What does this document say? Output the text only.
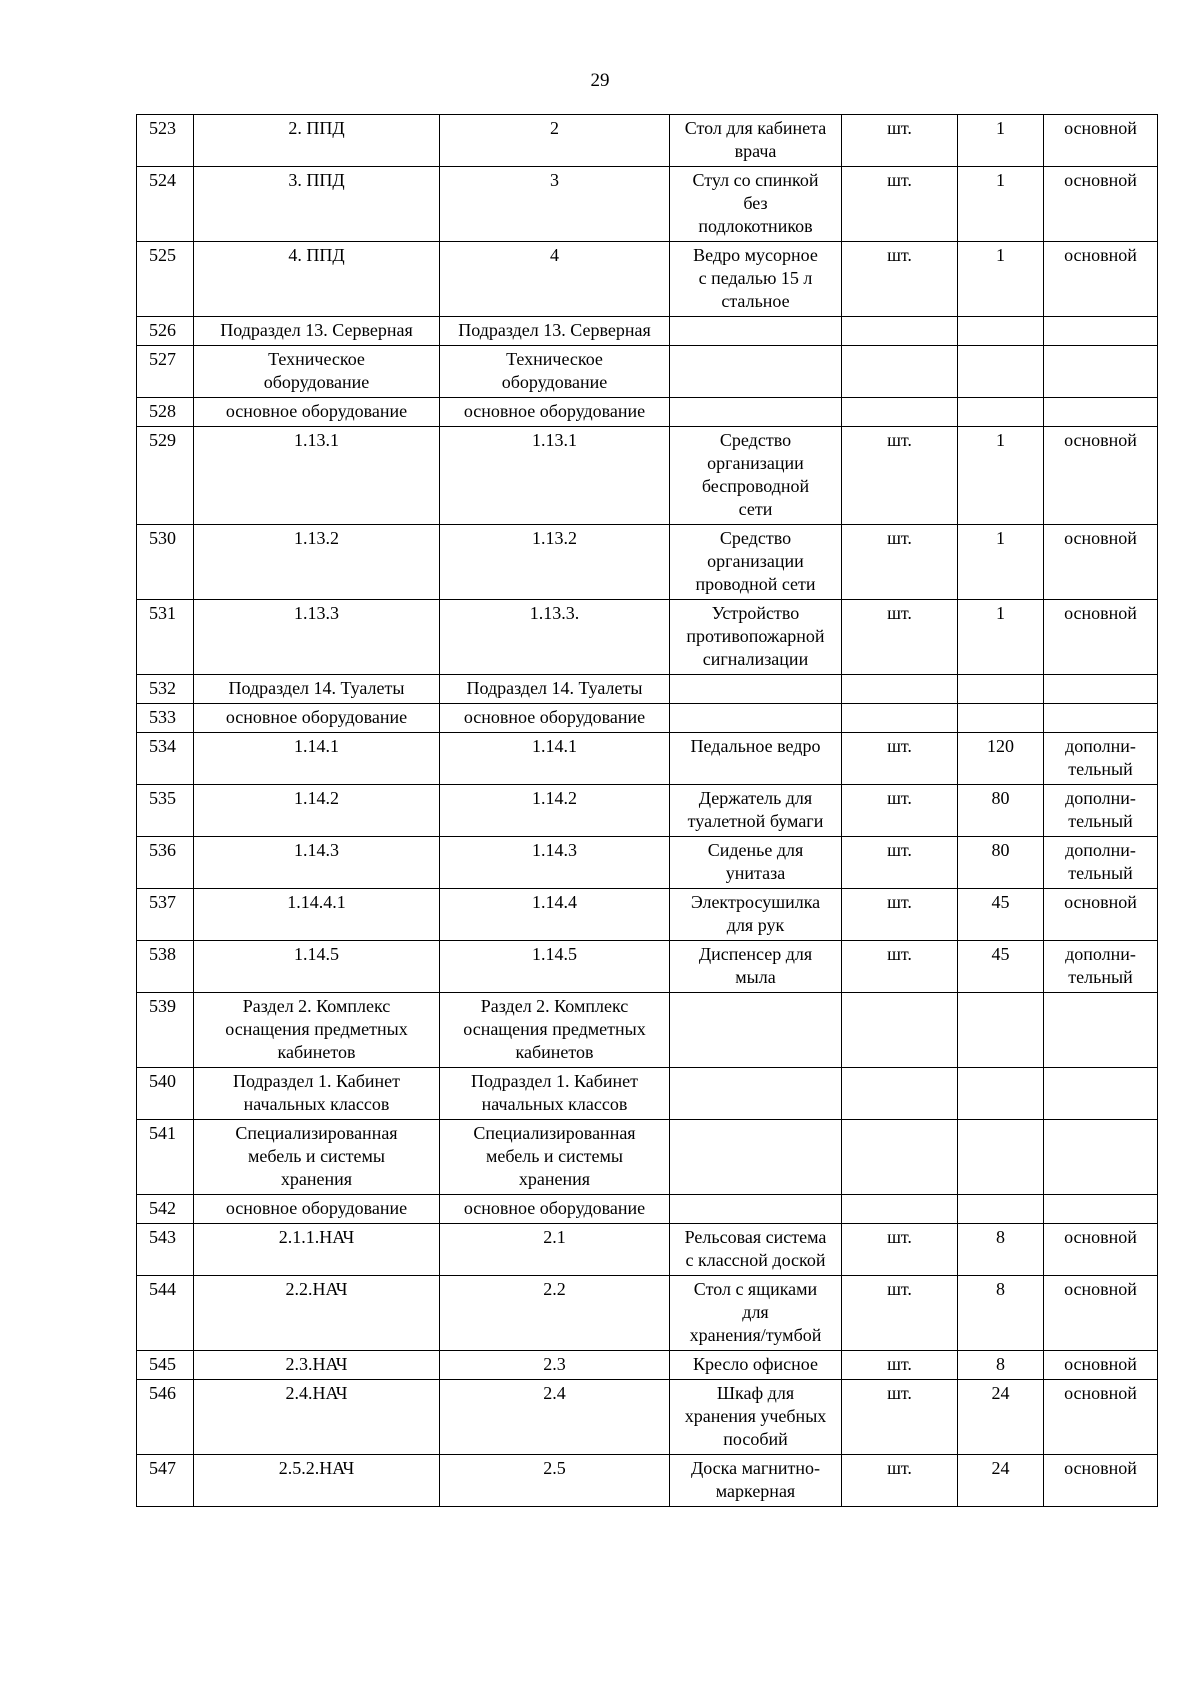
29
523	2. ППД	2	Стол для кабинета
врача	шт.	1	основной
524	3. ППД	3	Стул со спинкой
без
подлокотников	шт.	1	основной
525	4. ППД	4	Ведро мусорное
с педалью 15 л
стальное	шт.	1	основной
526	Подраздел 13. Серверная	Подраздел 13. Серверная				
527	Техническое
оборудование	Техническое
оборудование				
528	основное оборудование	основное оборудование				
529	1.13.1	1.13.1	Средство
организации
беспроводной
сети	шт.	1	основной
530	1.13.2	1.13.2	Средство
организации
проводной сети	шт.	1	основной
531	1.13.3	1.13.3.	Устройство
противопожарной
сигнализации	шт.	1	основной
532	Подраздел 14. Туалеты	Подраздел 14. Туалеты				
533	основное оборудование	основное оборудование				
534	1.14.1	1.14.1	Педальное ведро	шт.	120	дополни-
тельный
535	1.14.2	1.14.2	Держатель для
туалетной бумаги	шт.	80	дополни-
тельный
536	1.14.3	1.14.3	Сиденье для
унитаза	шт.	80	дополни-
тельный
537	1.14.4.1	1.14.4	Электросушилка
для рук	шт.	45	основной
538	1.14.5	1.14.5	Диспенсер для
мыла	шт.	45	дополни-
тельный
539	Раздел 2. Комплекс
оснащения предметных
кабинетов	Раздел 2. Комплекс
оснащения предметных
кабинетов				
540	Подраздел 1. Кабинет
начальных классов	Подраздел 1. Кабинет
начальных классов				
541	Специализированная
мебель и системы
хранения	Специализированная
мебель и системы
хранения				
542	основное оборудование	основное оборудование				
543	2.1.1.НАЧ	2.1	Рельсовая система
с классной доской	шт.	8	основной
544	2.2.НАЧ	2.2	Стол с ящиками
для
хранения/тумбой	шт.	8	основной
545	2.3.НАЧ	2.3	Кресло офисное	шт.	8	основной
546	2.4.НАЧ	2.4	Шкаф для
хранения учебных
пособий	шт.	24	основной
547	2.5.2.НАЧ	2.5	Доска магнитно-
маркерная	шт.	24	основной
